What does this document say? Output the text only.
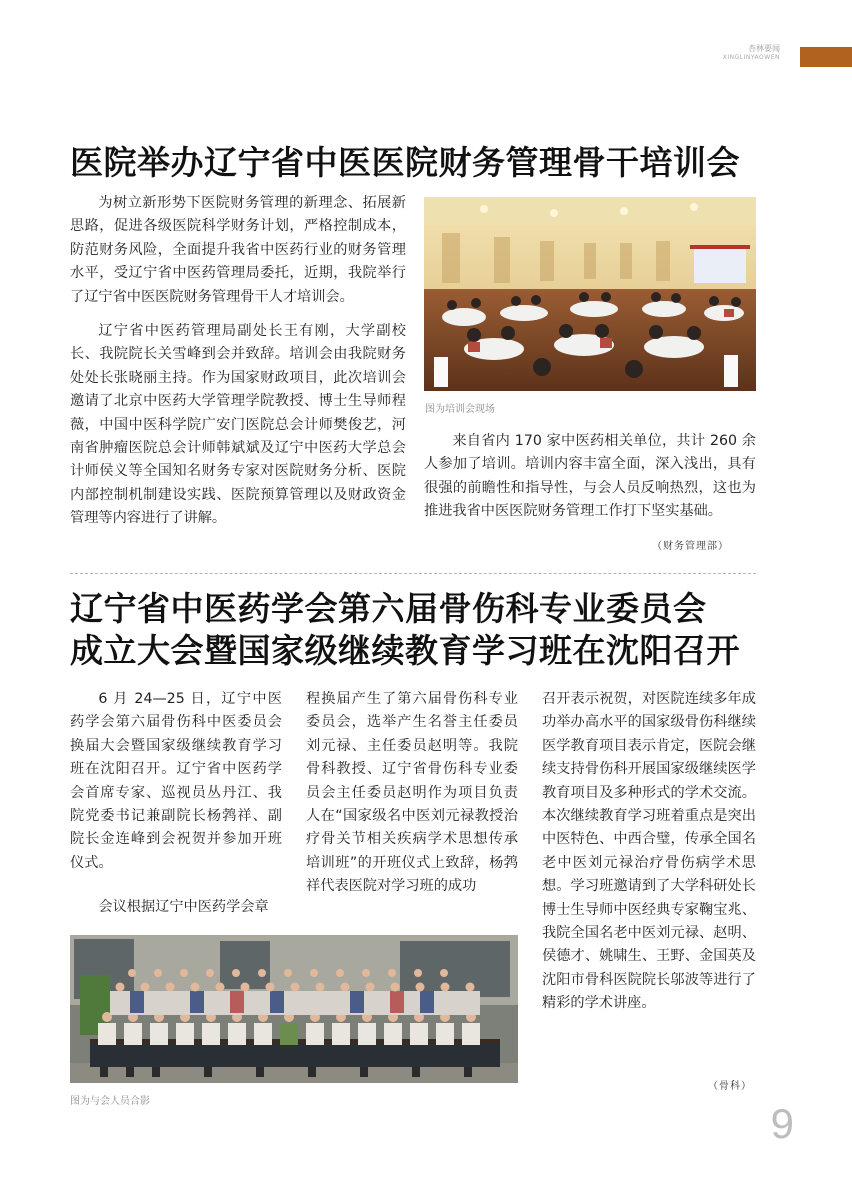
杏林要闻
XINGLINYAOWEN
医院举办辽宁省中医医院财务管理骨干培训会

为树立新形势下医院财务管理的新理念、拓展新思路，促进各级医院科学财务计划，严格控制成本，防范财务风险，全面提升我省中医药行业的财务管理水平，受辽宁省中医药管理局委托，近期，我院举行了辽宁省中医医院财务管理骨干人才培训会。

辽宁省中医药管理局副处长王有刚，大学副校长、我院院长关雪峰到会并致辞。培训会由我院财务处处长张晓丽主持。作为国家财政项目，此次培训会邀请了北京中医药大学管理学院教授、博士生导师程薇，中国中医科学院广安门医院总会计师樊俊艺，河南省肿瘤医院总会计师韩斌斌及辽宁中医药大学总会计师侯义等全国知名财务专家对医院财务分析、医院内部控制机制建设实践、医院预算管理以及财政资金管理等内容进行了讲解。

图为培训会现场

来自省内 170 家中医药相关单位，共计 260 余人参加了培训。培训内容丰富全面，深入浅出，具有很强的前瞻性和指导性，与会人员反响热烈，这也为推进我省中医医院财务管理工作打下坚实基础。

（财务管理部）
辽宁省中医药学会第六届骨伤科专业委员会
成立大会暨国家级继续教育学习班在沈阳召开

6 月 24—25 日，辽宁中医药学会第六届骨伤科中医委员会换届大会暨国家级继续教育学习班在沈阳召开。辽宁省中医药学会首席专家、巡视员丛丹江、我院党委书记兼副院长杨鹁祥、副院长金连峰到会祝贺并参加开班仪式。

会议根据辽宁中医药学会章

程换届产生了第六届骨伤科专业委员会，选举产生名誉主任委员刘元禄、主任委员赵明等。我院骨科教授、辽宁省骨伤科专业委员会主任委员赵明作为项目负责人在“国家级名中医刘元禄教授治疗骨关节相关疾病学术思想传承培训班”的开班仪式上致辞，杨鹁祥代表医院对学习班的成功

召开表示祝贺，对医院连续多年成功举办高水平的国家级骨伤科继续医学教育项目表示肯定，医院会继续支持骨伤科开展国家级继续医学教育项目及多种形式的学术交流。本次继续教育学习班着重点是突出中医特色、中西合璧，传承全国名老中医刘元禄治疗骨伤病学术思想。学习班邀请到了大学科研处长博士生导师中医经典专家鞠宝兆、我院全国名老中医刘元禄、赵明、侯德才、姚啸生、王野、金国英及沈阳市骨科医院院长邬波等进行了精彩的学术讲座。

（骨科）
图为与会人员合影	9
